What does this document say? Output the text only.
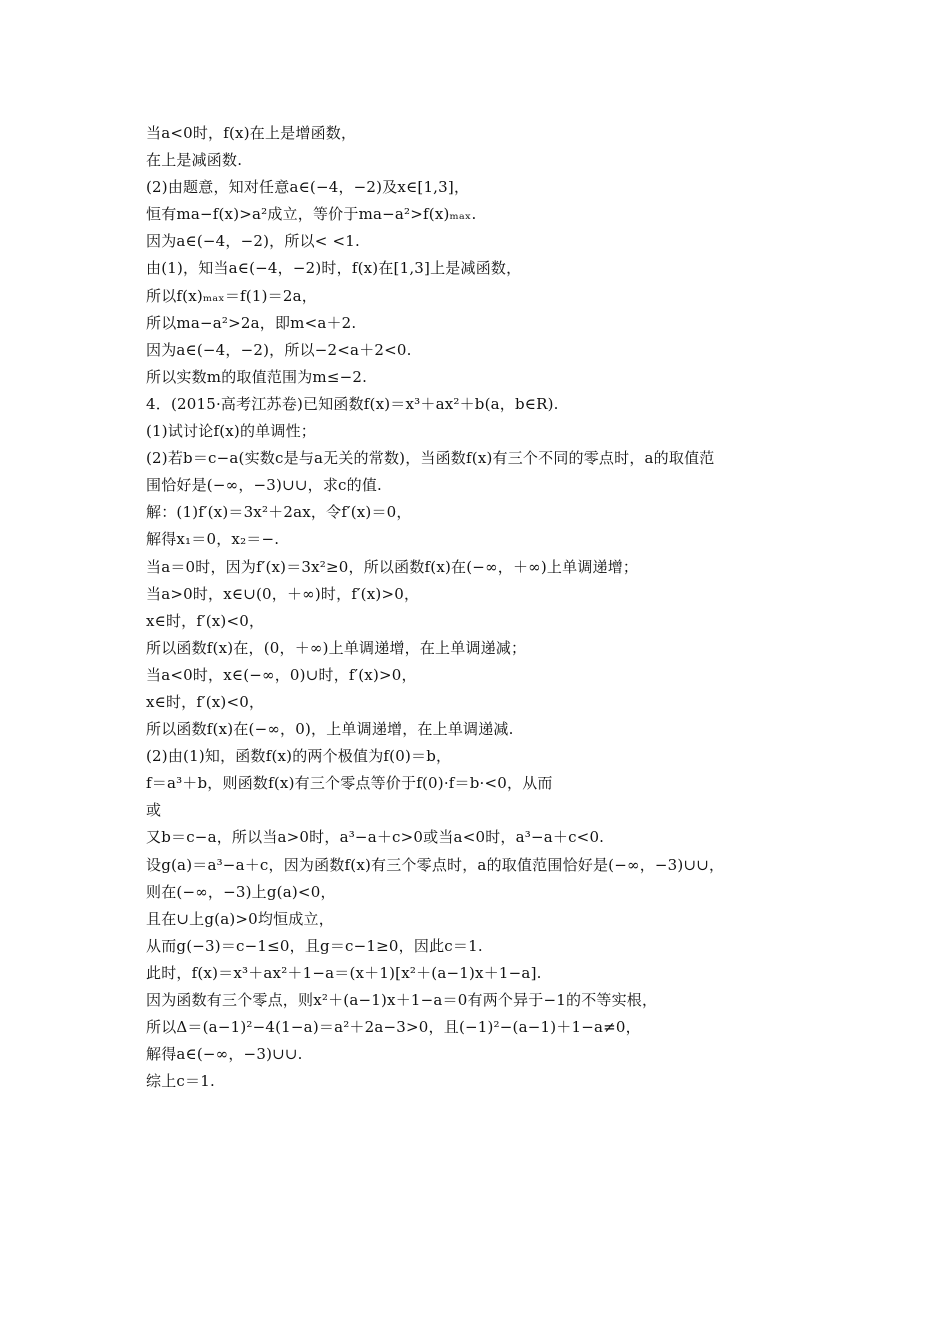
当a<0时，f(x)在上是增函数，
在上是减函数.
(2)由题意，知对任意a∈(−4，−2)及x∈[1,3]，
恒有ma−f(x)>a²成立，等价于ma−a²>f(x)ₘₐₓ.
因为a∈(−4，−2)，所以< <1.
由(1)，知当a∈(−4，−2)时，f(x)在[1,3]上是减函数，
所以f(x)ₘₐₓ＝f(1)＝2a，
所以ma−a²>2a，即m<a＋2.
因为a∈(−4，−2)，所以−2<a＋2<0.
所以实数m的取值范围为m≤−2.
4．(2015·高考江苏卷)已知函数f(x)＝x³＋ax²＋b(a，b∈R).
(1)试讨论f(x)的单调性；
(2)若b＝c−a(实数c是与a无关的常数)，当函数f(x)有三个不同的零点时，a的取值范
围恰好是(−∞，−3)∪∪，求c的值.
解：(1)f′(x)＝3x²＋2ax，令f′(x)＝0，
解得x₁＝0，x₂＝−.
当a＝0时，因为f′(x)＝3x²≥0，所以函数f(x)在(−∞，＋∞)上单调递增；
当a>0时，x∈∪(0，＋∞)时，f′(x)>0，
x∈时，f′(x)<0，
所以函数f(x)在，(0，＋∞)上单调递增，在上单调递减；
当a<0时，x∈(−∞，0)∪时，f′(x)>0，
x∈时，f′(x)<0，
所以函数f(x)在(−∞，0)，上单调递增，在上单调递减.
(2)由(1)知，函数f(x)的两个极值为f(0)＝b，
f＝a³＋b，则函数f(x)有三个零点等价于f(0)·f＝b·<0，从而
或
又b＝c−a，所以当a>0时，a³−a＋c>0或当a<0时，a³−a＋c<0.
设g(a)＝a³−a＋c，因为函数f(x)有三个零点时，a的取值范围恰好是(−∞，−3)∪∪，
则在(−∞，−3)上g(a)<0，
且在∪上g(a)>0均恒成立，
从而g(−3)＝c−1≤0，且g＝c−1≥0，因此c＝1.
此时，f(x)＝x³＋ax²＋1−a＝(x＋1)[x²＋(a−1)x＋1−a].
因为函数有三个零点，则x²＋(a−1)x＋1−a＝0有两个异于−1的不等实根，
所以Δ＝(a−1)²−4(1−a)＝a²＋2a−3>0，且(−1)²−(a−1)＋1−a≠0，
解得a∈(−∞，−3)∪∪.
综上c＝1.
